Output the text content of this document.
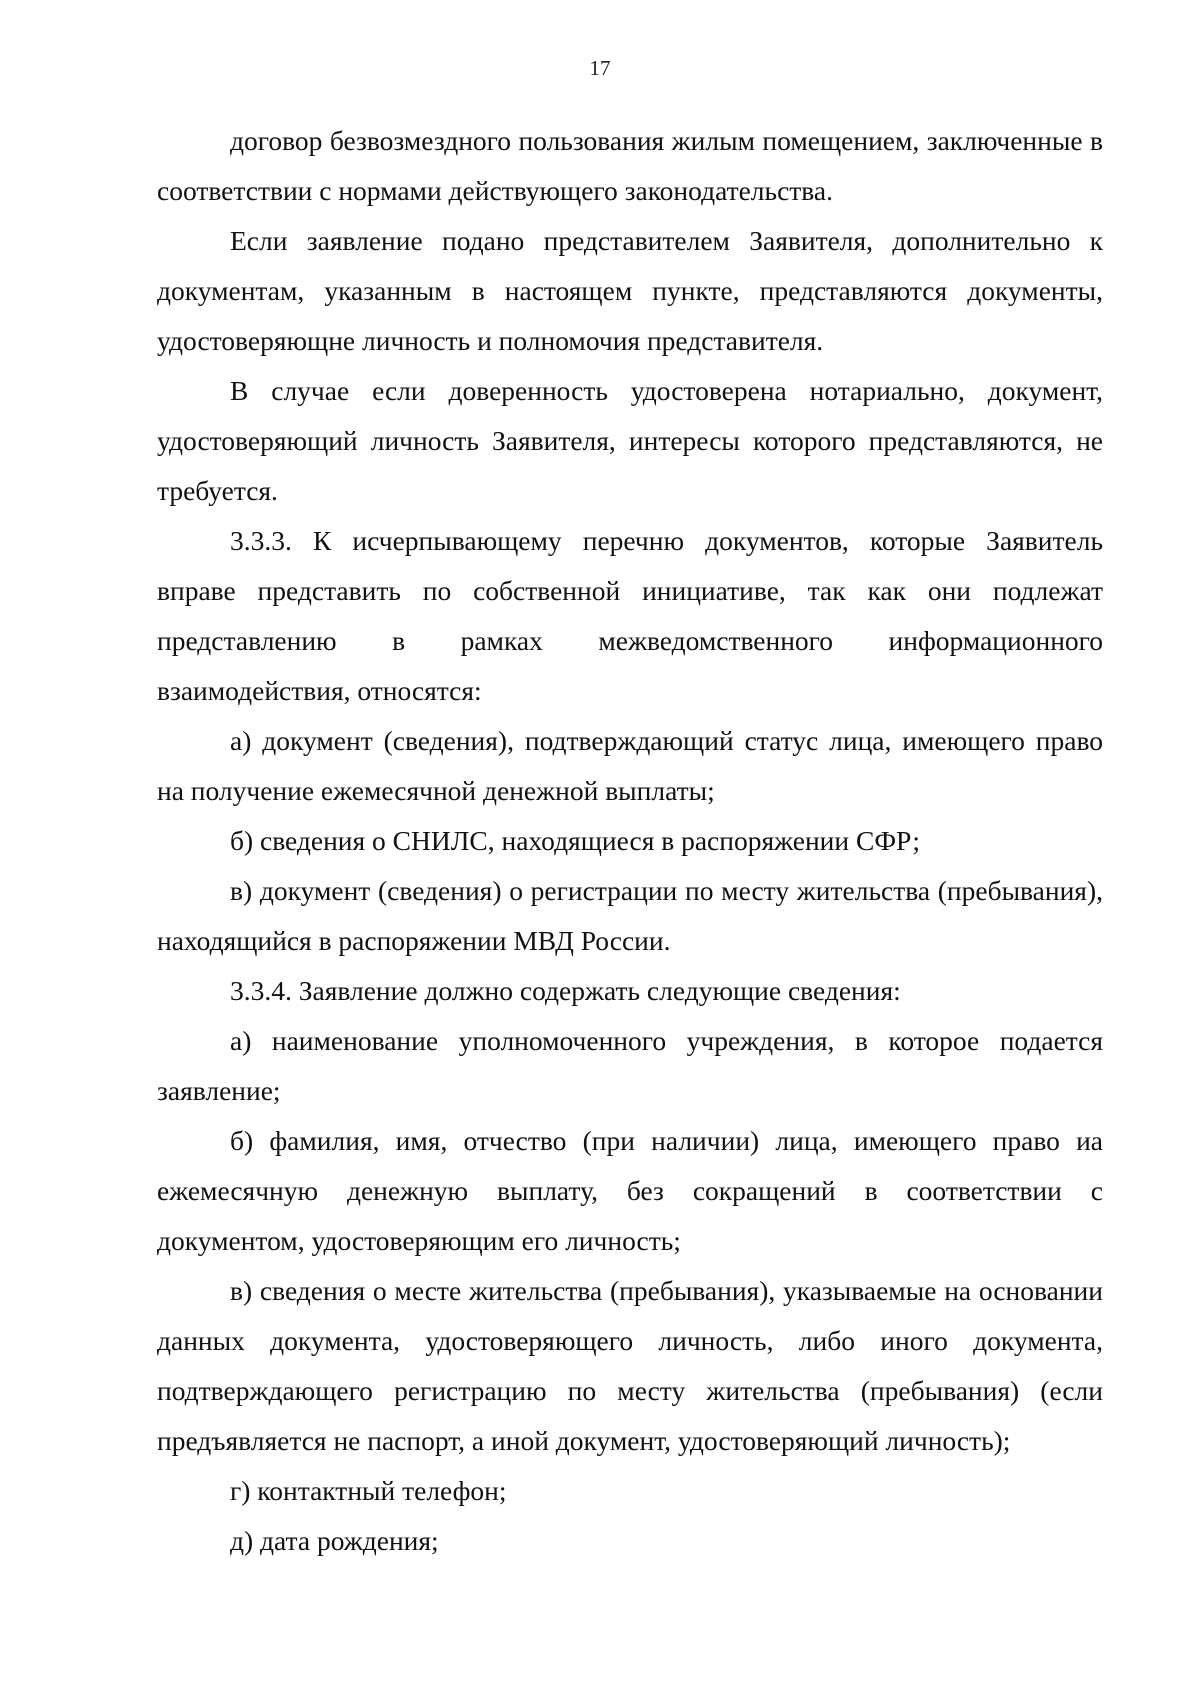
17

договор безвозмездного пользования жилым помещением, заключенные в соответствии с нормами действующего законодательства.

Если заявление подано представителем Заявителя, дополнительно к документам, указанным в настоящем пункте, представляются документы, удостоверяющне личность и полномочия представителя.

В случае если доверенность удостоверена нотариально, документ, удостоверяющий личность Заявителя, интересы которого представляются, не требуется.

3.3.3. К исчерпывающему перечню документов, которые Заявитель вправе представить по собственной инициативе, так как они подлежат представлению в рамках межведомственного информационного взаимодействия, относятся:

а) документ (сведения), подтверждающий статус лица, имеющего право на получение ежемесячной денежной выплаты;

б) сведения о СНИЛС, находящиеся в распоряжении СФР;

в) документ (сведения) о регистрации по месту жительства (пребывания), находящийся в распоряжении МВД России.

3.3.4. Заявление должно содержать следующие сведения:

а) наименование уполномоченного учреждения, в которое подается заявление;

б) фамилия, имя, отчество (при наличии) лица, имеющего право иа ежемесячную денежную выплату, без сокращений в соответствии с документом, удостоверяющим его личность;

в) сведения о месте жительства (пребывания), указываемые на основании данных документа, удостоверяющего личность, либо иного документа, подтверждающего регистрацию по месту жительства (пребывания) (если предъявляется не паспорт, а иной документ, удостоверяющий личность);

г) контактный телефон;

д) дата рождения;
